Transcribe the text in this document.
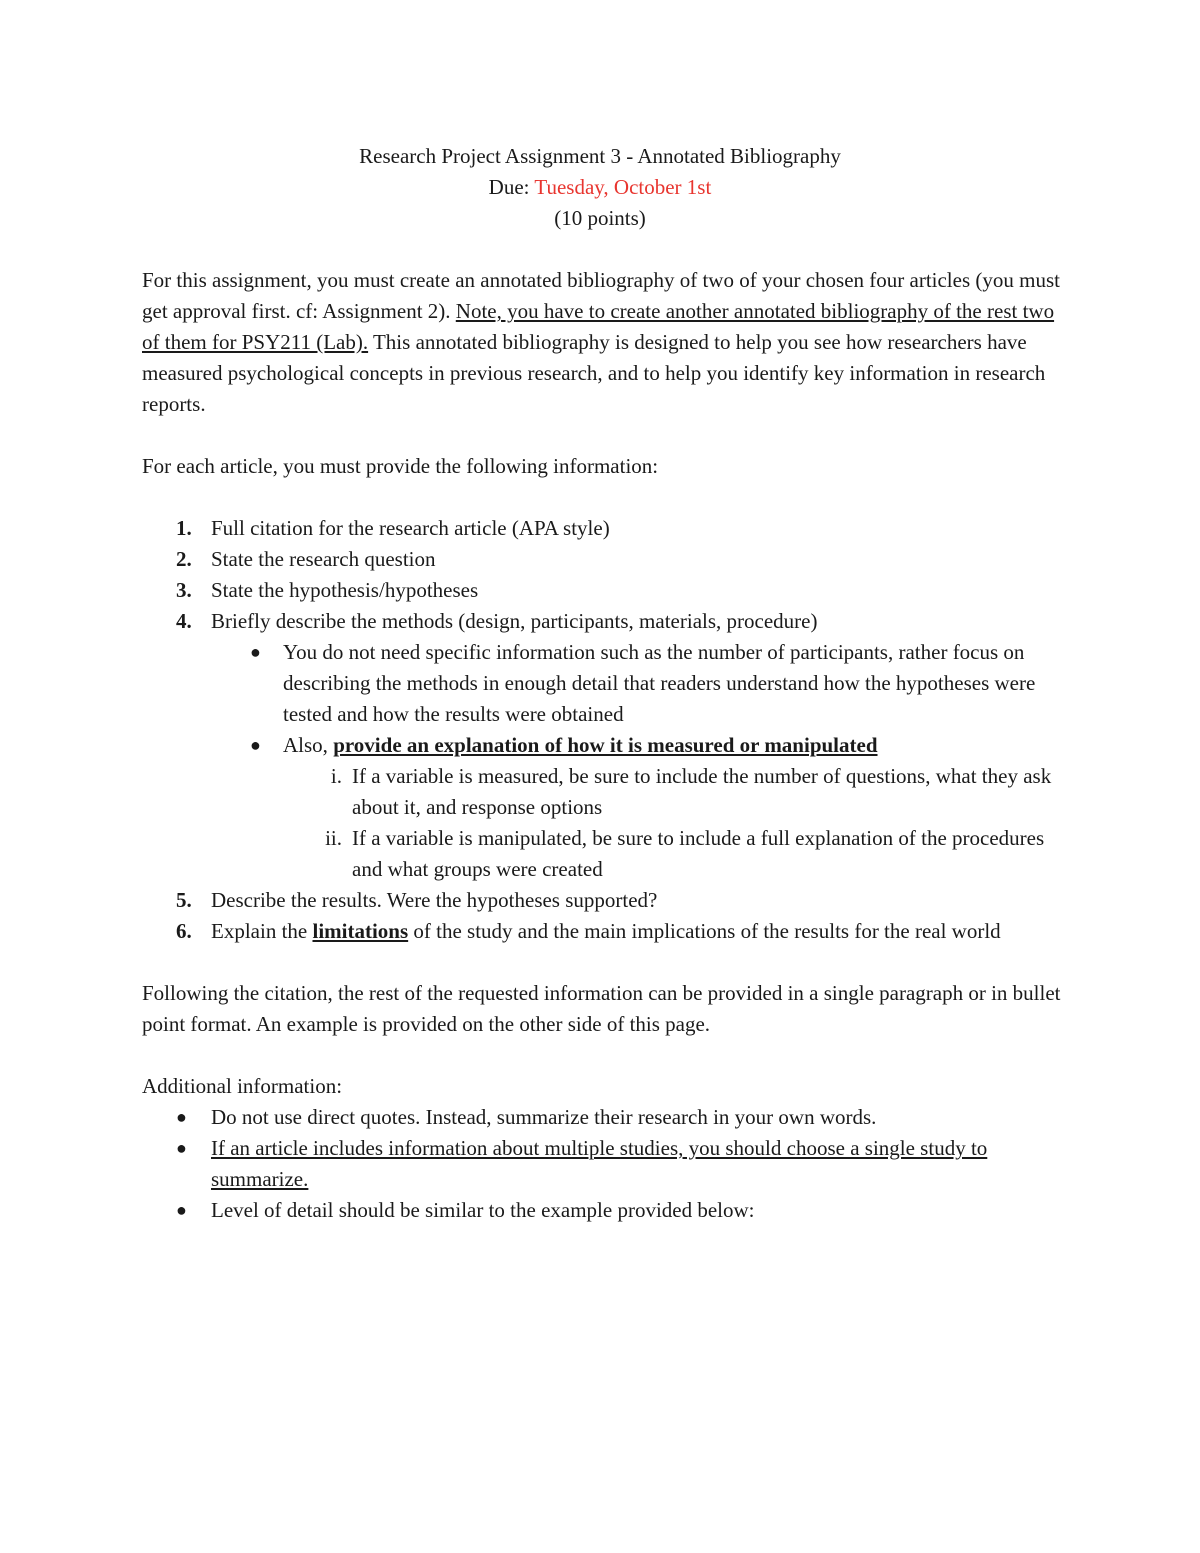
Research Project Assignment 3 - Annotated Bibliography
Due: Tuesday, October 1st
(10 points)

For this assignment, you must create an annotated bibliography of two of your chosen four articles (you must get approval first. cf: Assignment 2). Note, you have to create another annotated bibliography of the rest two of them for PSY211 (Lab). This annotated bibliography is designed to help you see how researchers have measured psychological concepts in previous research, and to help you identify key information in research reports.

For each article, you must provide the following information:

1. Full citation for the research article (APA style)
2. State the research question
3. State the hypothesis/hypotheses
4. Briefly describe the methods (design, participants, materials, procedure)
●	You do not need specific information such as the number of participants, rather focus on describing the methods in enough detail that readers understand how the hypotheses were tested and how the results were obtained
●	Also, provide an explanation of how it is measured or manipulated
i. If a variable is measured, be sure to include the number of questions, what they ask about it, and response options
ii. If a variable is manipulated, be sure to include a full explanation of the procedures and what groups were created
5. Describe the results. Were the hypotheses supported?
6. Explain the limitations of the study and the main implications of the results for the real world

Following the citation, the rest of the requested information can be provided in a single paragraph or in bullet point format. An example is provided on the other side of this page.

Additional information:

●	Do not use direct quotes. Instead, summarize their research in your own words.
●	If an article includes information about multiple studies, you should choose a single study to summarize.
●	Level of detail should be similar to the example provided below:
